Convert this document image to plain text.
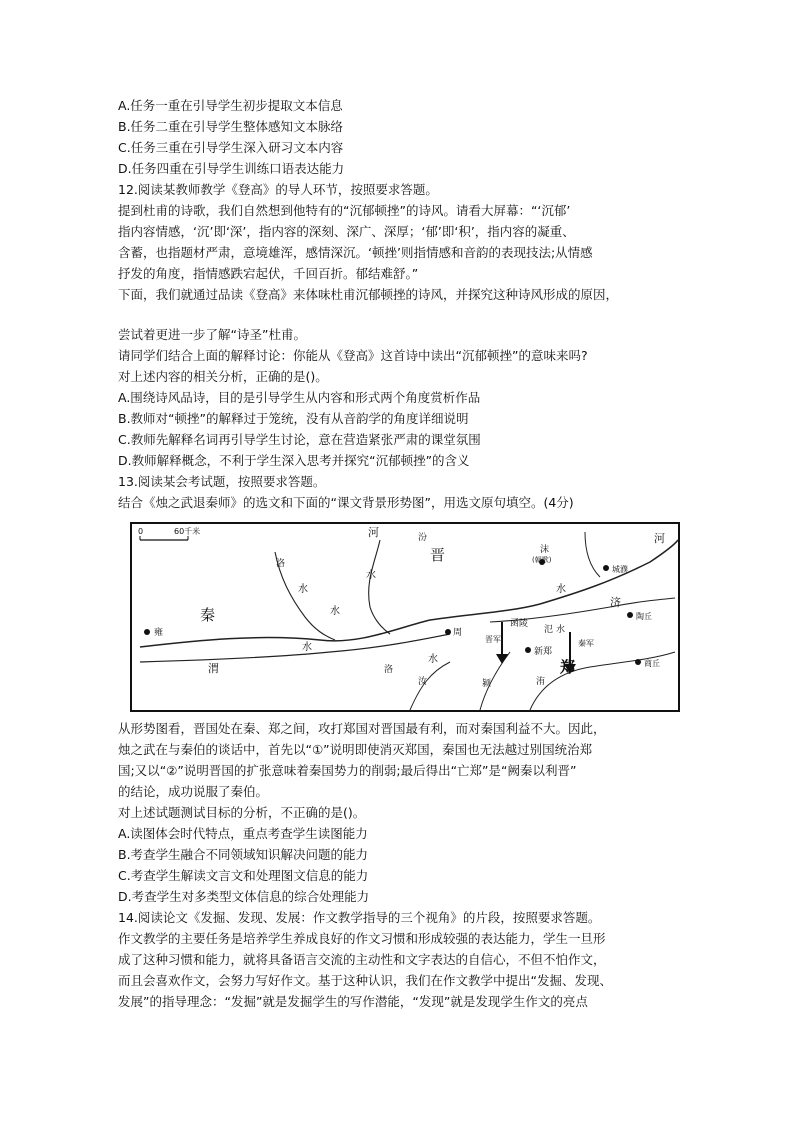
A.任务一重在引导学生初步提取文本信息
B.任务二重在引导学生整体感知文本脉络
C.任务三重在引导学生深入研习文本内容
D.任务四重在引导学生训练口语表达能力
12.阅读某教师教学《登高》的导人环节，按照要求答题。
提到杜甫的诗歌，我们自然想到他特有的“沉郁顿挫”的诗风。请看大屏幕：“‘沉郁’
指内容情感，‘沉’即‘深’，指内容的深刻、深广、深厚；‘郁’即‘积’，指内容的凝重、
含蓄，也指题材严肃，意境雄浑，感情深沉。‘顿挫’则指情感和音韵的表现技法;从情感
抒发的角度，指情感跌宕起伏，千回百折。郁结难舒。”
下面，我们就通过品读《登高》来体味杜甫沉郁顿挫的诗风，并探究这种诗风形成的原因，
尝试着更进一步了解“诗圣”杜甫。
请同学们结合上面的解释讨论：你能从《登高》这首诗中读出“沉郁顿挫”的意味来吗?
对上述内容的相关分析，正确的是()。
A.围绕诗风品诗，目的是引导学生从内容和形式两个角度赏析作品
B.教师对“顿挫”的解释过于笼统，没有从音韵学的角度详细说明
C.教师先解释名词再引导学生讨论，意在营造紧张严肃的课堂氛围
D.教师解释概念，不利于学生深入思考并探究“沉郁顿挫”的含义
13.阅读某会考试题，按照要求答题。
结合《烛之武退秦师》的选文和下面的“课文背景形势图”，用选文原句填空。(4分)
0	60千米
秦
晋
郑
雍	周
函陵
氾 水
新郑
济
沫
(朝歌)
城濮
陶丘
商丘
渭
河	河
汾
洛
洛
汝	颍	洧
晋军	秦军
水
水
水
水
水
水
从形势图看，晋国处在秦、郑之间，攻打郑国对晋国最有利，而对秦国利益不大。因此，
烛之武在与秦伯的谈话中，首先以“①”说明即使消灭郑国，秦国也无法越过别国统治郑
国;又以“②”说明晋国的扩张意味着秦国势力的削弱;最后得出“亡郑”是“阙秦以利晋”
的结论，成功说服了秦伯。
对上述试题测试目标的分析，不正确的是()。
A.读图体会时代特点，重点考查学生读图能力
B.考查学生融合不同领域知识解决问题的能力
C.考查学生解读文言文和处理图文信息的能力
D.考查学生对多类型文体信息的综合处理能力
14.阅读论文《发掘、发现、发展：作文教学指导的三个视角》的片段，按照要求答题。
作文教学的主要任务是培养学生养成良好的作文习惯和形成较强的表达能力，学生一旦形
成了这种习惯和能力，就将具备语言交流的主动性和文字表达的自信心，不但不怕作文，
而且会喜欢作文，会努力写好作文。基于这种认识，我们在作文教学中提出“发掘、发现、
发展”的指导理念：“发掘”就是发掘学生的写作潜能，“发现”就是发现学生作文的亮点
